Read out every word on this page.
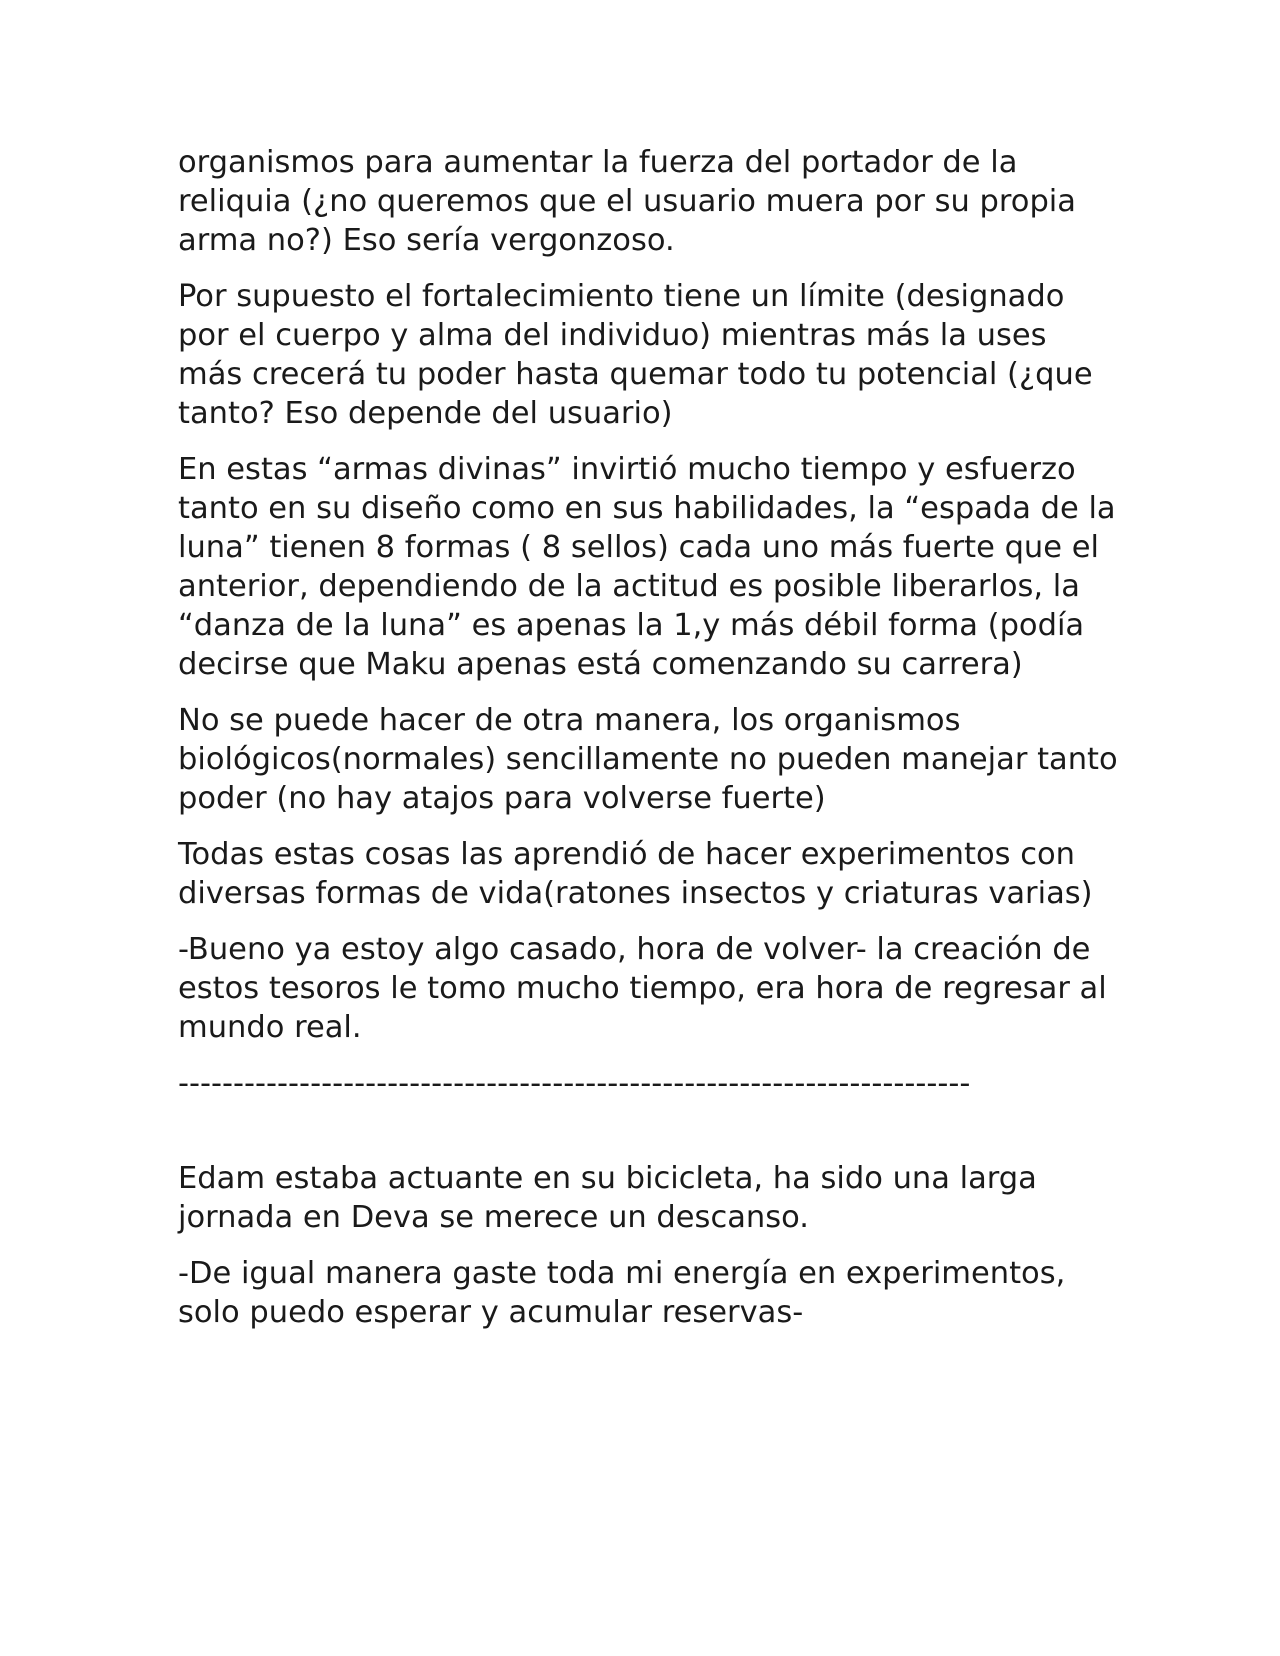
organismos para aumentar la fuerza del portador de la reliquia (¿no queremos que el usuario muera por su propia arma no?) Eso sería vergonzoso.

Por supuesto el fortalecimiento tiene un límite (designado por el cuerpo y alma del individuo) mientras más la uses más crecerá tu poder hasta quemar todo tu potencial (¿que tanto? Eso depende del usuario)

En estas “armas divinas” invirtió mucho tiempo y esfuerzo tanto en su diseño como en sus habilidades, la “espada de la luna” tienen 8 formas ( 8 sellos) cada uno más fuerte que el anterior, dependiendo de la actitud es posible liberarlos, la “danza de la luna” es apenas la 1,y más débil forma (podía decirse que Maku apenas está comenzando su carrera)

No se puede hacer de otra manera, los organismos biológicos(normales) sencillamente no pueden manejar tanto poder (no hay atajos para volverse fuerte)

Todas estas cosas las aprendió de hacer experimentos con diversas formas de vida(ratones insectos y criaturas varias)

-Bueno ya estoy algo casado, hora de volver- la creación de estos tesoros le tomo mucho tiempo, era hora de regresar al mundo real.

------------------------------------------------------------------------

Edam estaba actuante en su bicicleta, ha sido una larga jornada en Deva se merece un descanso.

-De igual manera gaste toda mi energía en experimentos, solo puedo esperar y acumular reservas-
